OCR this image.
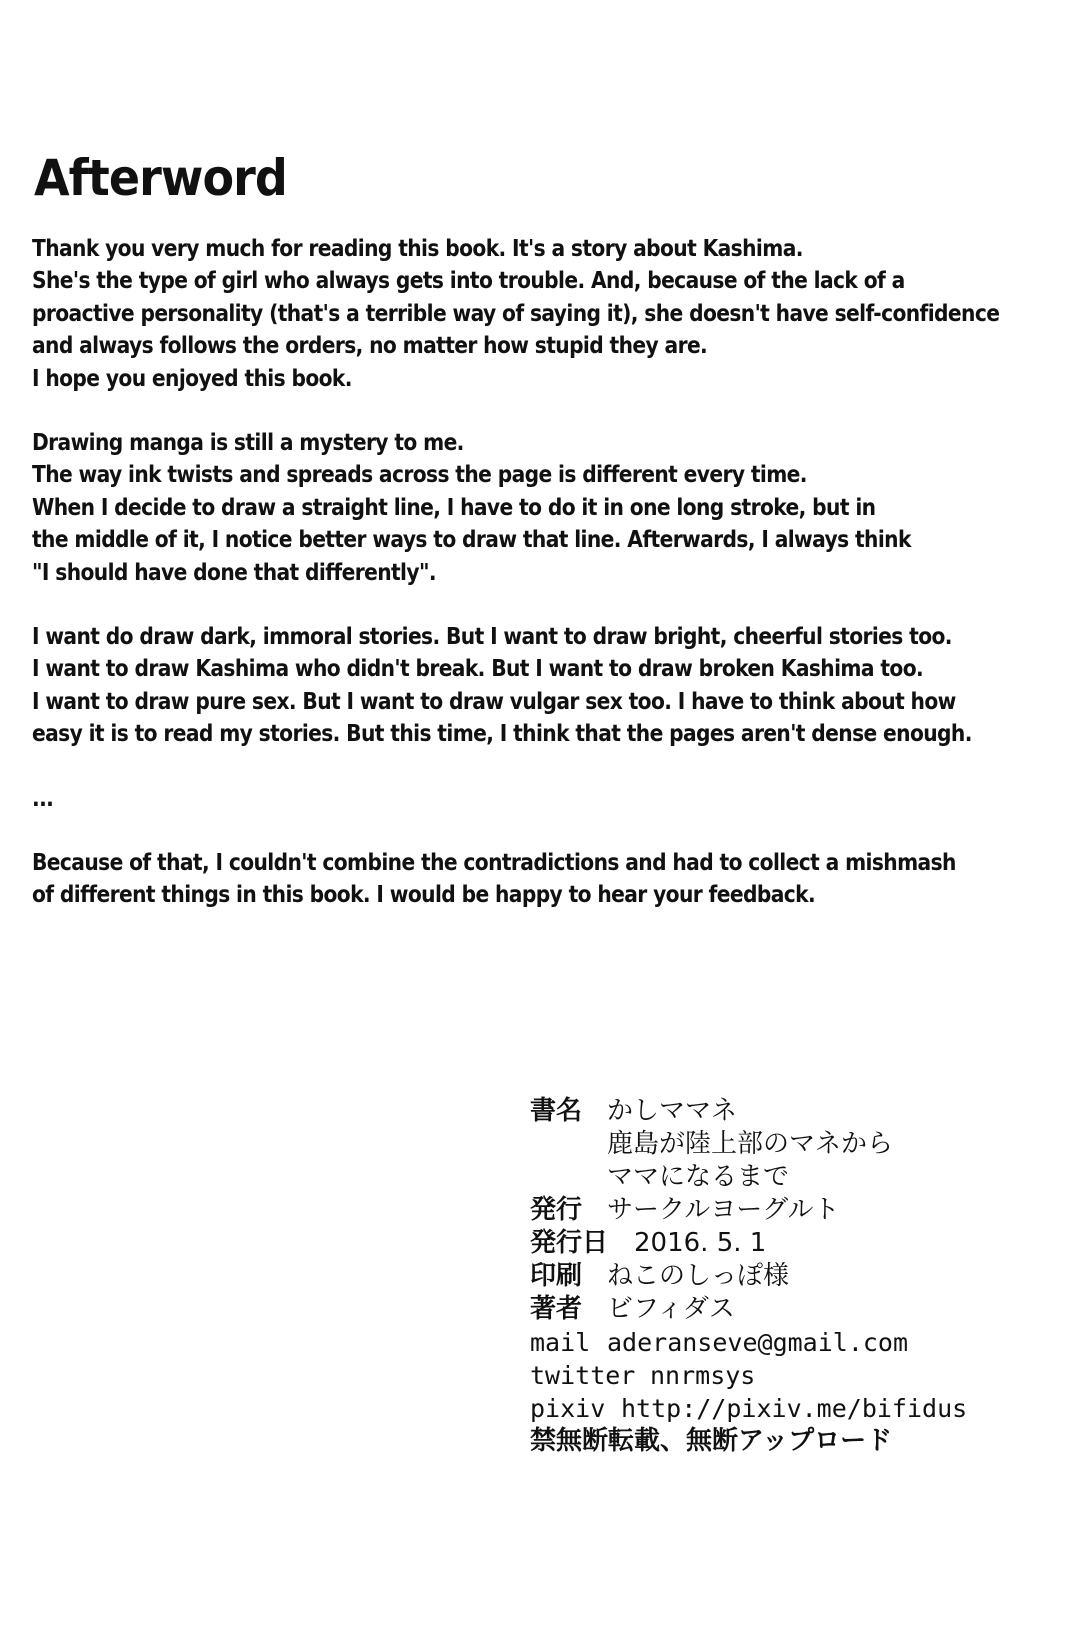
Afterword
Thank you very much for reading this book. It's a story about Kashima.
She's the type of girl who always gets into trouble. And, because of the lack of a
proactive personality (that's a terrible way of saying it), she doesn't have self-confidence
and always follows the orders, no matter how stupid they are.
I hope you enjoyed this book.
Drawing manga is still a mystery to me.
The way ink twists and spreads across the page is different every time.
When I decide to draw a straight line, I have to do it in one long stroke, but in
the middle of it, I notice better ways to draw that line. Afterwards, I always think
"I should have done that differently".
I want do draw dark, immoral stories. But I want to draw bright, cheerful stories too.
I want to draw Kashima who didn't break. But I want to draw broken Kashima too.
I want to draw pure sex. But I want to draw vulgar sex too. I have to think about how
easy it is to read my stories. But this time, I think that the pages aren't dense enough.
...
Because of that, I couldn't combine the contradictions and had to collect a mishmash
of different things in this book. I would be happy to hear your feedback.
書名 かしママネ
鹿島が陸上部のマネから
ママになるまで
発行 サークルヨーグルト
発行日 2016. 5. 1
印刷 ねこのしっぽ様
著者 ビフィダス
mail aderanseve@gmail.com
twitter nnrmsys
pixiv http://pixiv.me/bifidus
禁無断転載、無断アップロード
